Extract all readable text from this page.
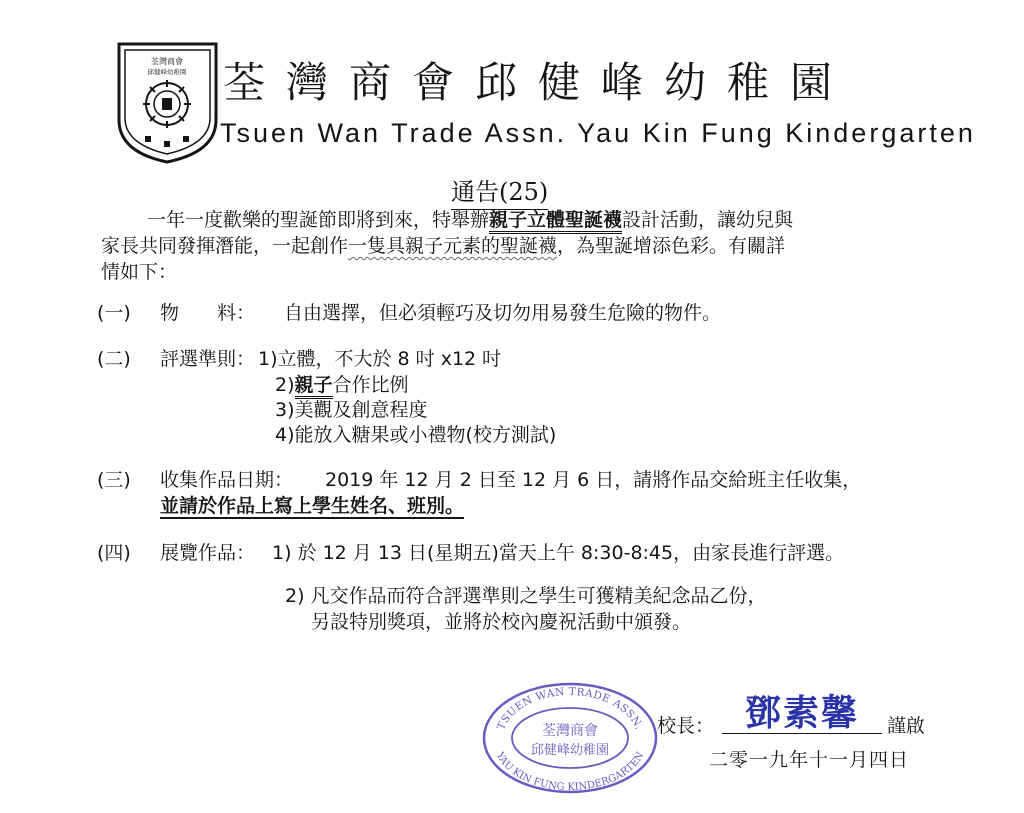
荃灣商會
邱健峰幼稚園 荃灣商會邱健峰幼稚園
Tsuen Wan Trade Assn. Yau Kin Fung Kindergarten
通告(25)
一年一度歡樂的聖誕節即將到來，特舉辦親子立體聖誕襪設計活動，讓幼兒與
家長共同發揮潛能，一起創作一隻具親子元素的聖誕襪，為聖誕增添色彩。有關詳
情如下：
(一) 物　　料： 自由選擇，但必須輕巧及切勿用易發生危險的物件。
(二) 評選準則： 1)立體，不大於 8 吋 x12 吋
2)親子合作比例
3)美觀及創意程度
4)能放入糖果或小禮物(校方測試)
(三) 收集作品日期： 2019 年 12 月 2 日至 12 月 6 日，請將作品交給班主任收集，
並請於作品上寫上學生姓名、班別。
(四) 展覽作品： 1) 於 12 月 13 日(星期五)當天上午 8:30-8:45，由家長進行評選。
2) 凡交作品而符合評選準則之學生可獲精美紀念品乙份，
另設特別獎項，並將於校內慶祝活動中頒發。
TSUEN WAN TRADE ASSN.
YAU KIN FUNG KINDERGARTEN
荃灣商會
邱健峰幼稚園
校長： 鄧素馨 謹啟
二零一九年十一月四日
